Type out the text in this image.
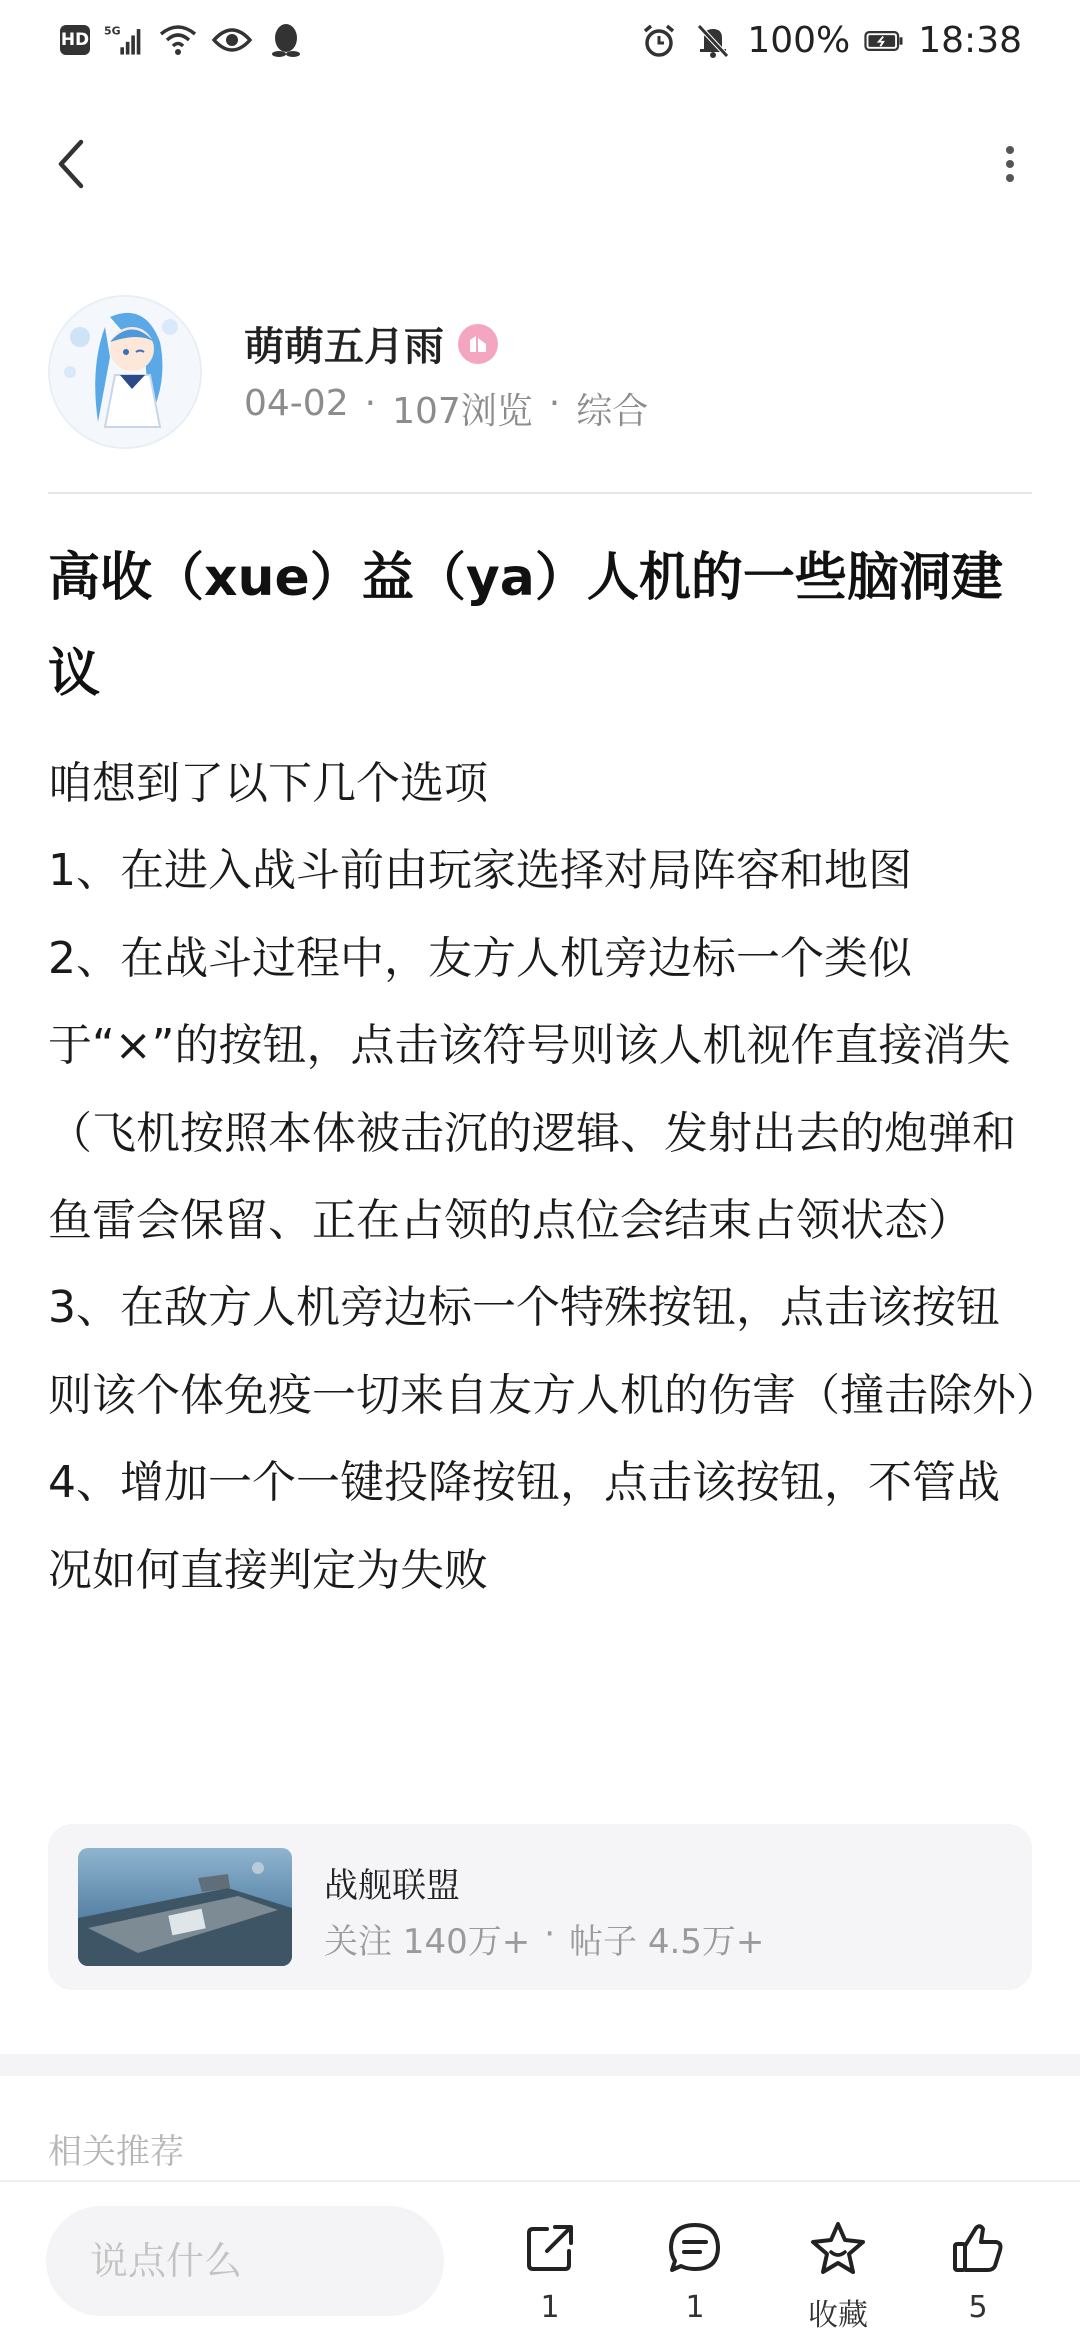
HD 5G	100% 18:38
萌萌五月雨
04-02 · 107浏览 · 综合
高收（xue）益（ya）人机的一些脑洞建议

咱想到了以下几个选项

1、在进入战斗前由玩家选择对局阵容和地图

2、在战斗过程中，友方人机旁边标一个类似于“×”的按钮，点击该符号则该人机视作直接消失（飞机按照本体被击沉的逻辑、发射出去的炮弹和鱼雷会保留、正在占领的点位会结束占领状态）

3、在敌方人机旁边标一个特殊按钮，点击该按钮则该个体免疫一切来自友方人机的伤害（撞击除外）

4、增加一个一键投降按钮，点击该按钮，不管战况如何直接判定为失败

战舰联盟
关注 140万+ · 帖子 4.5万+
相关推荐
说点什么
1	1	收藏	5
